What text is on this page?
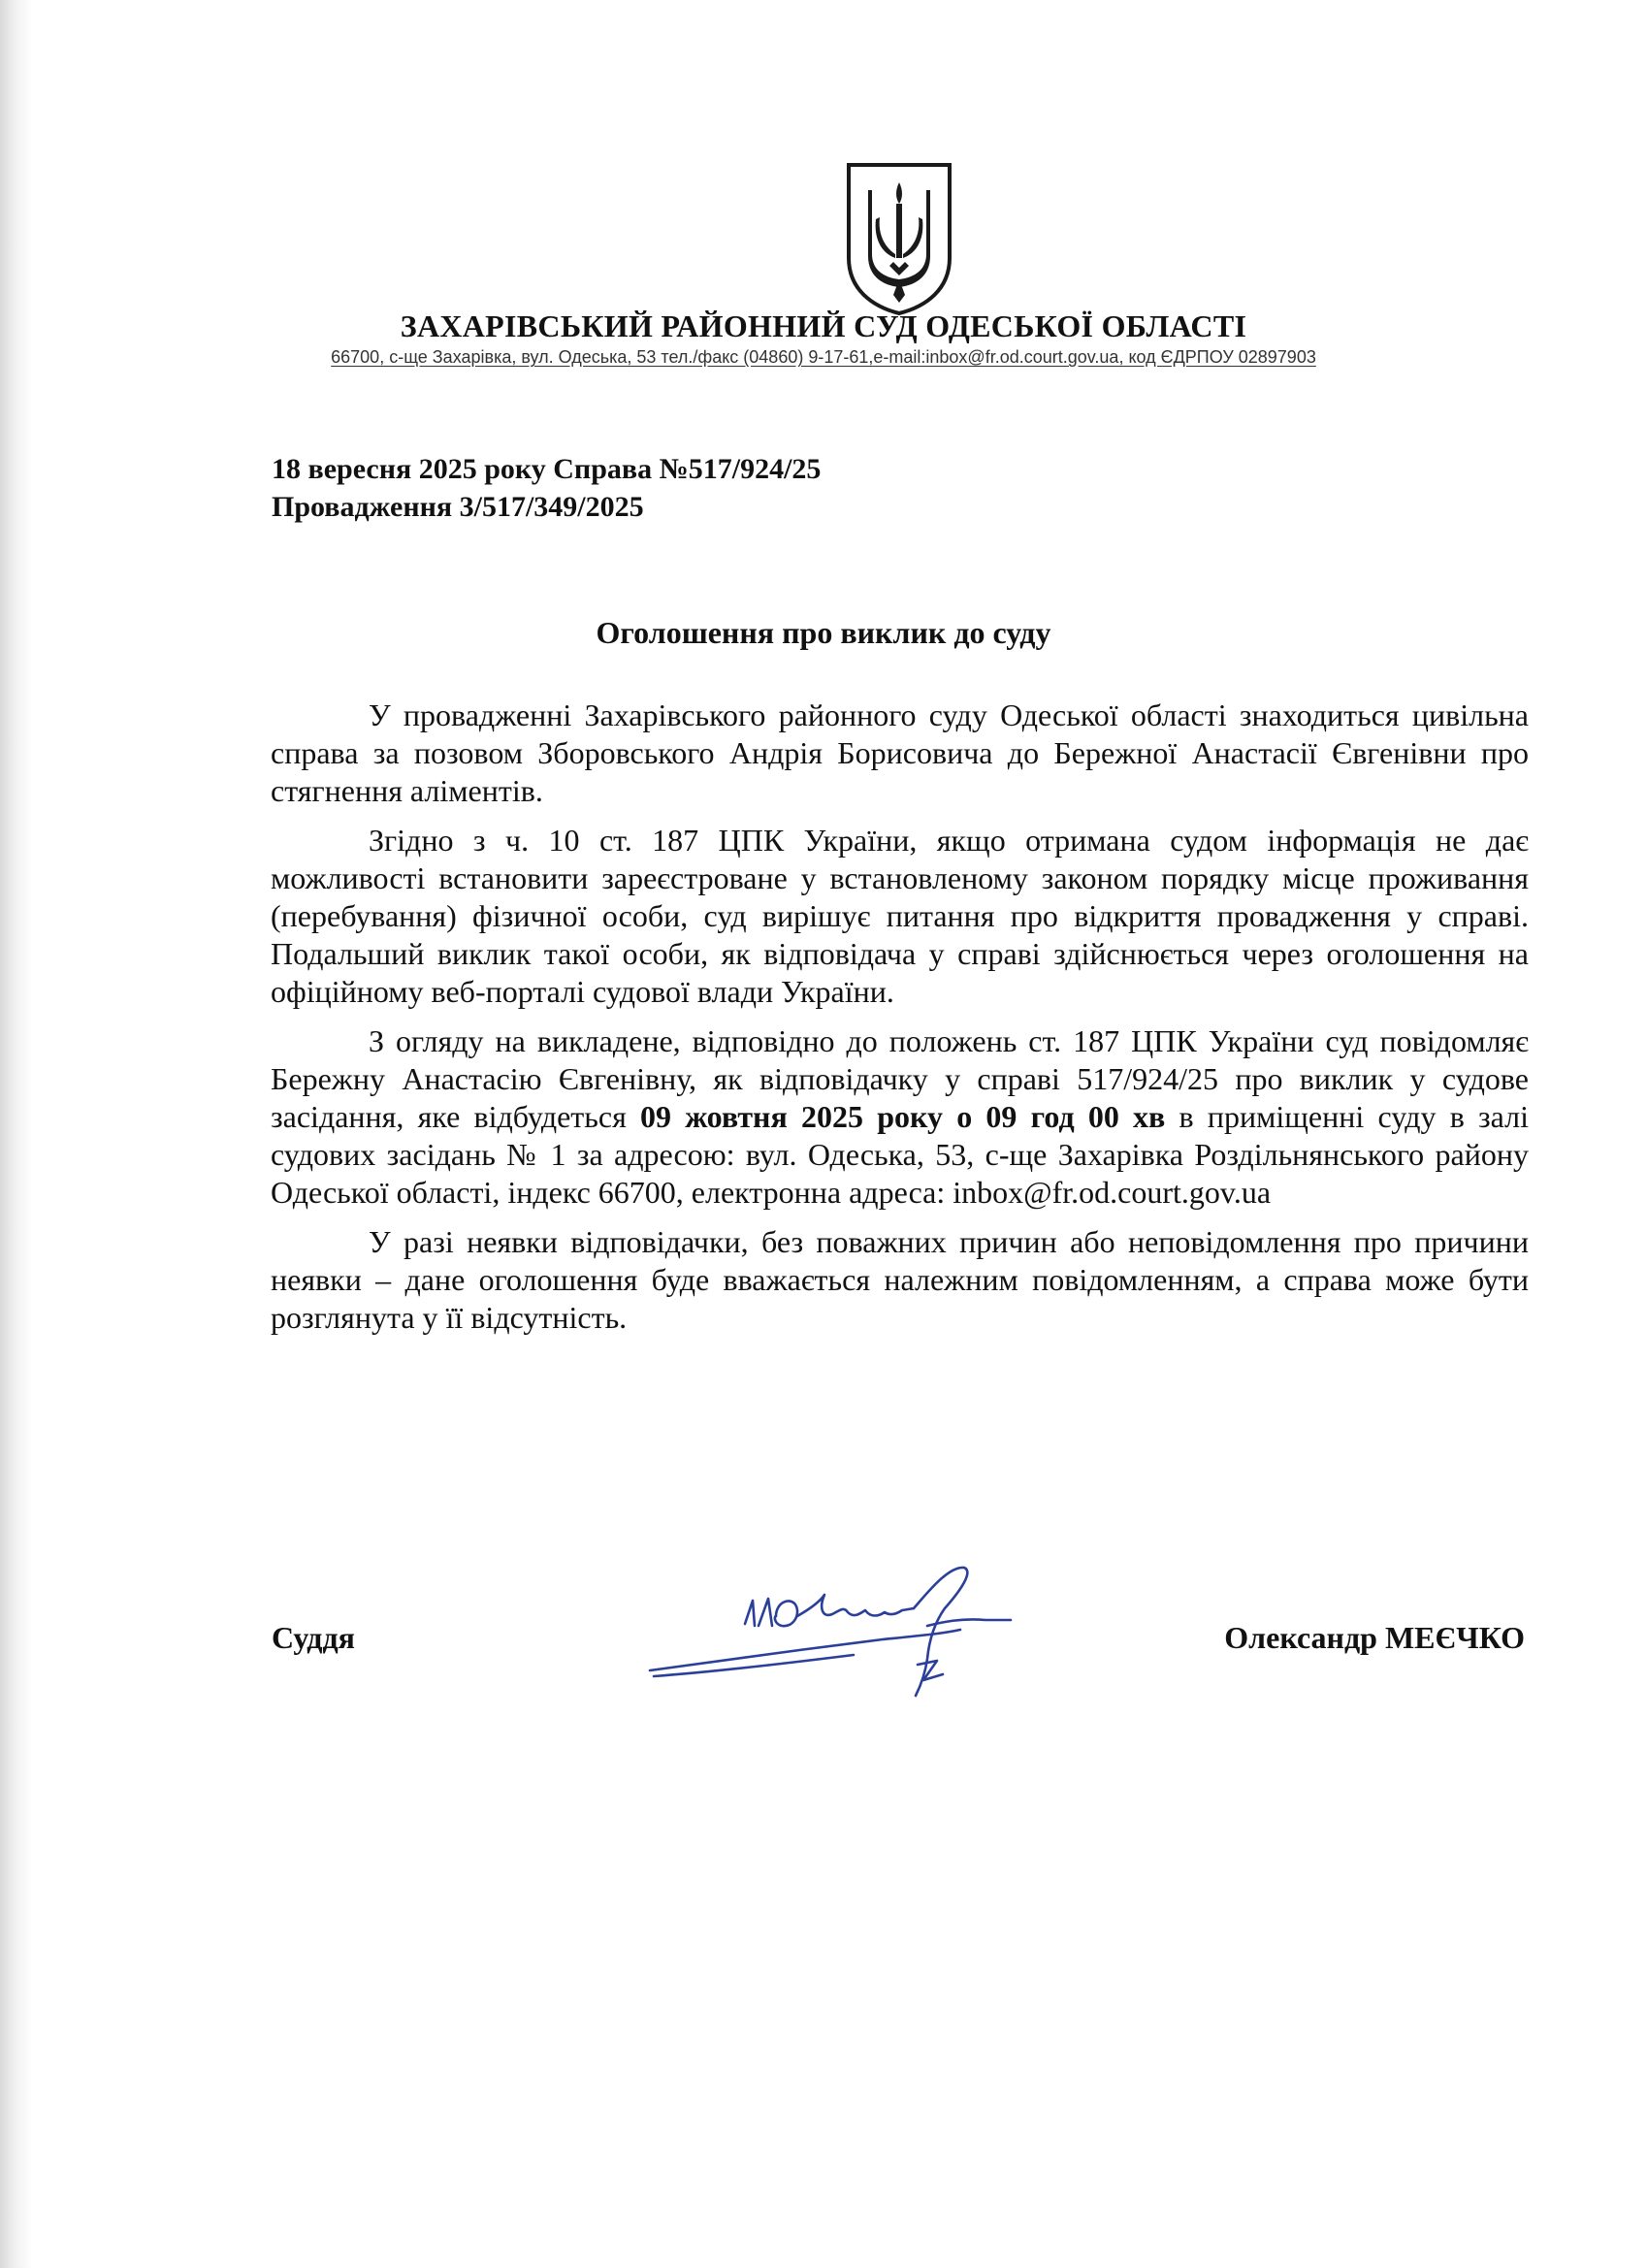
ЗАХАРІВСЬКИЙ РАЙОННИЙ СУД ОДЕСЬКОЇ ОБЛАСТІ
66700, с-ще Захарівка, вул. Одеська, 53 тел./факс (04860) 9-17-61,e-mail:inbox@fr.od.court.gov.ua, код ЄДРПОУ 02897903
18 вересня 2025 року Справа №517/924/25
Провадження 3/517/349/2025
Оголошення про виклик до суду

У провадженні Захарівського районного суду Одеської області знаходиться цивільна справа за позовом Зборовського Андрія Борисовича до Бережної Анастасії Євгенівни про стягнення аліментів.

Згідно з ч. 10 ст. 187 ЦПК України, якщо отримана судом інформація не дає можливості встановити зареєстроване у встановленому законом порядку місце проживання (перебування) фізичної особи, суд вирішує питання про відкриття провадження у справі. Подальший виклик такої особи, як відповідача у справі здійснюється через оголошення на офіційному веб-порталі судової влади України.

З огляду на викладене, відповідно до положень ст. 187 ЦПК України суд повідомляє Бережну Анастасію Євгенівну, як відповідачку у справі 517/924/25 про виклик у судове засідання, яке відбудеться 09 жовтня 2025 року о 09 год 00 хв в приміщенні суду в залі судових засідань № 1 за адресою: вул. Одеська, 53, с-ще Захарівка Роздільнянського району Одеської області, індекс 66700, електронна адреса: inbox@fr.od.court.gov.ua

У разі неявки відповідачки, без поважних причин або неповідомлення про причини неявки – дане оголошення буде вважається належним повідомленням, а справа може бути розглянута у її відсутність.

Суддя	Олександр МЕЄЧКО
